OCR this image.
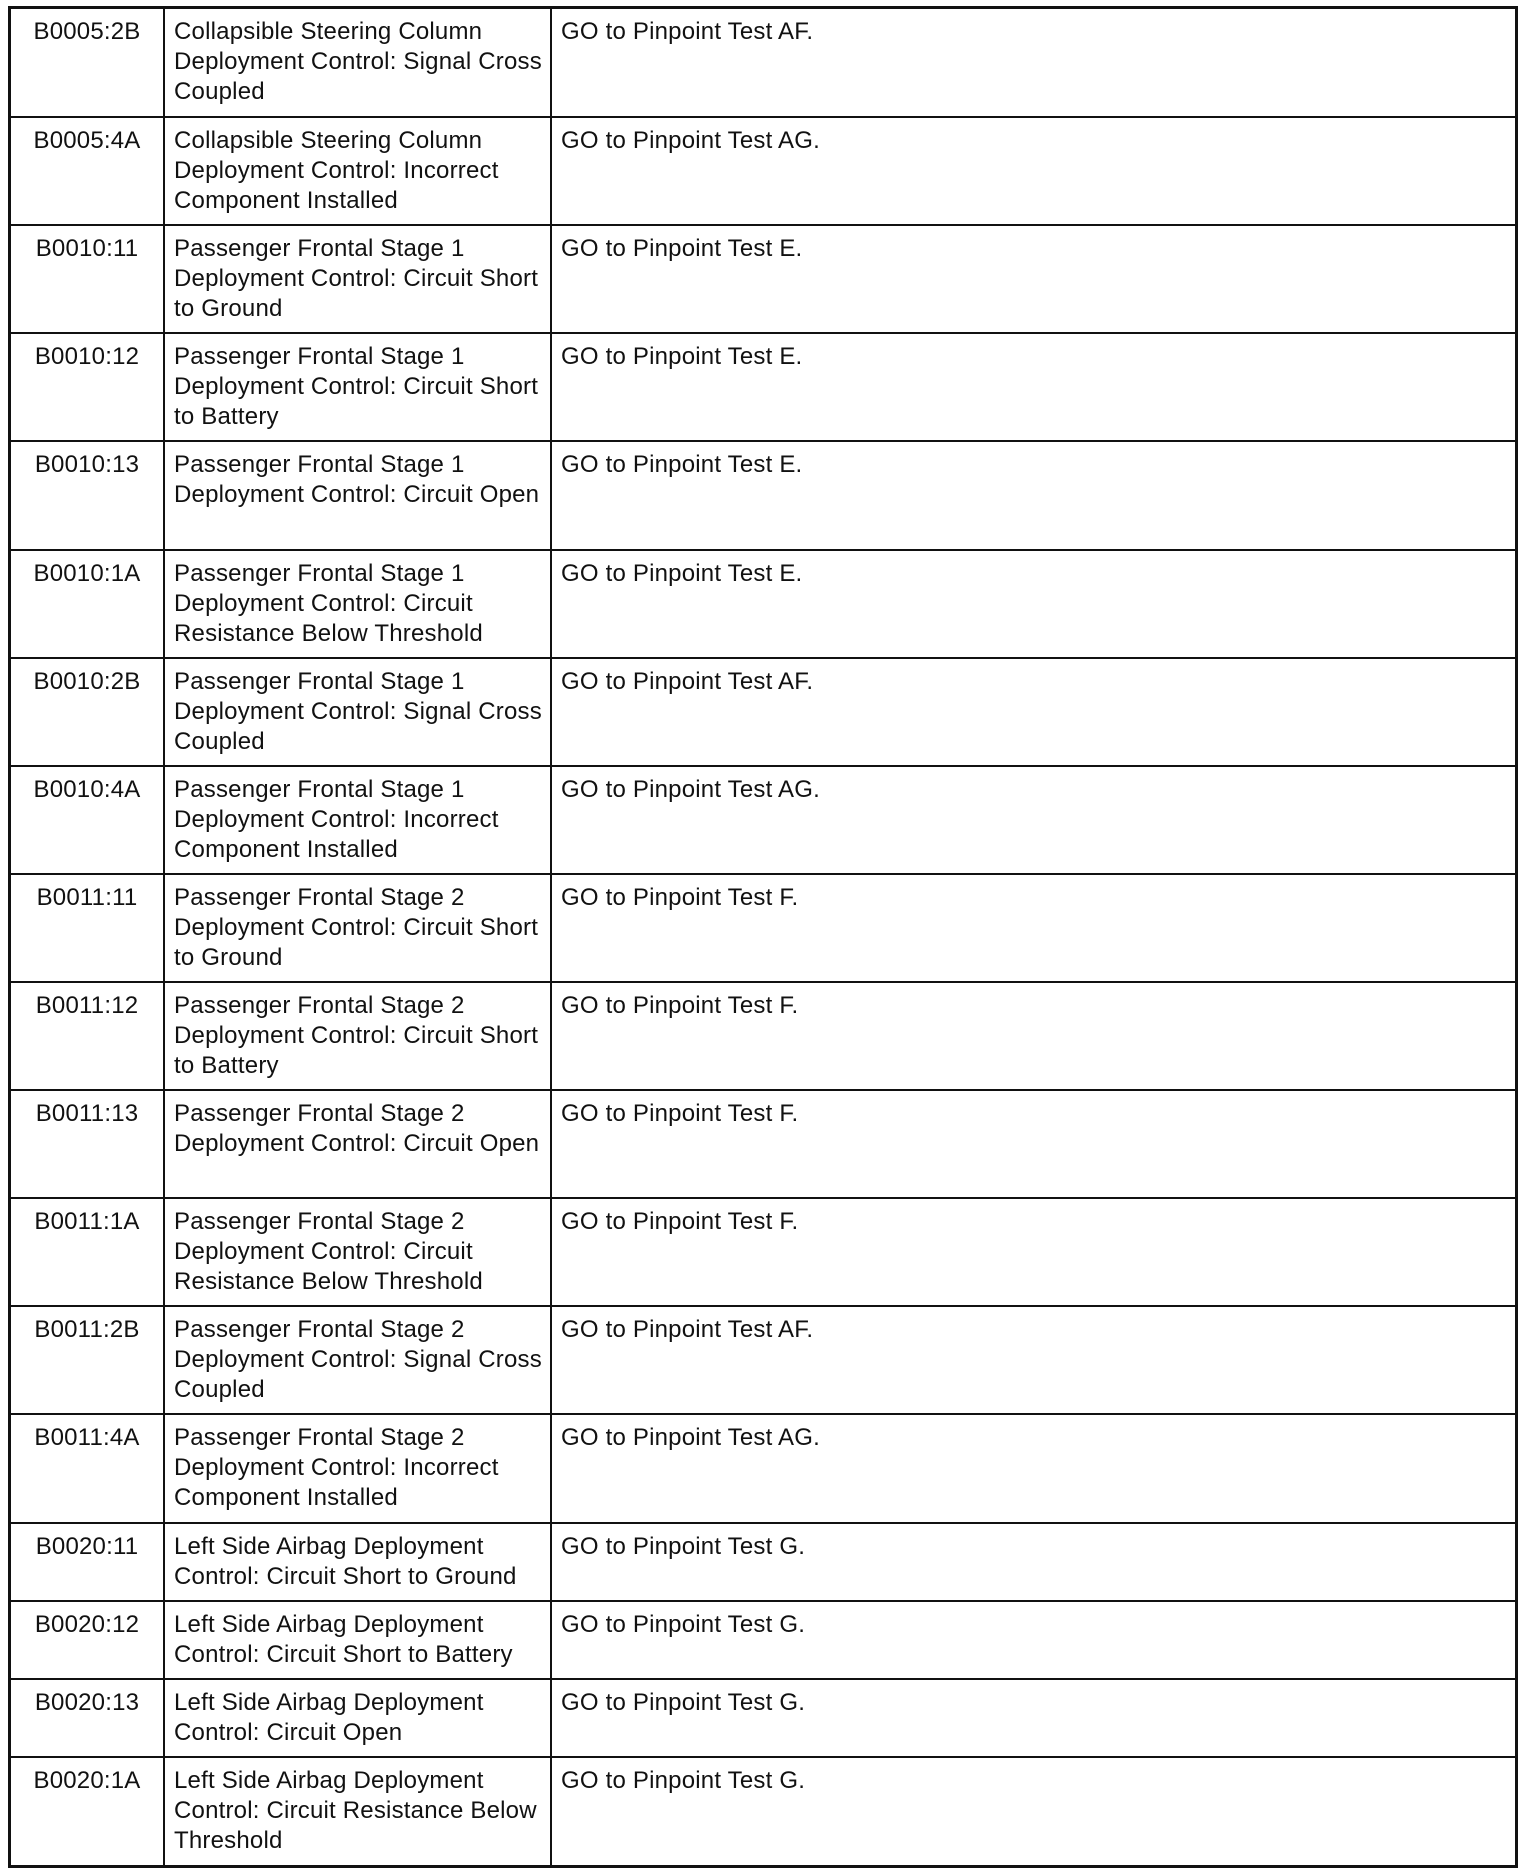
B0005:2B	Collapsible Steering Column Deployment Control: Signal Cross Coupled	GO to Pinpoint Test AF.
B0005:4A	Collapsible Steering Column Deployment Control: Incorrect Component Installed	GO to Pinpoint Test AG.
B0010:11	Passenger Frontal Stage 1 Deployment Control: Circuit Short to Ground	GO to Pinpoint Test E.
B0010:12	Passenger Frontal Stage 1 Deployment Control: Circuit Short to Battery	GO to Pinpoint Test E.
B0010:13	Passenger Frontal Stage 1 Deployment Control: Circuit Open	GO to Pinpoint Test E.
B0010:1A	Passenger Frontal Stage 1 Deployment Control: Circuit Resistance Below Threshold	GO to Pinpoint Test E.
B0010:2B	Passenger Frontal Stage 1 Deployment Control: Signal Cross Coupled	GO to Pinpoint Test AF.
B0010:4A	Passenger Frontal Stage 1 Deployment Control: Incorrect Component Installed	GO to Pinpoint Test AG.
B0011:11	Passenger Frontal Stage 2 Deployment Control: Circuit Short to Ground	GO to Pinpoint Test F.
B0011:12	Passenger Frontal Stage 2 Deployment Control: Circuit Short to Battery	GO to Pinpoint Test F.
B0011:13	Passenger Frontal Stage 2 Deployment Control: Circuit Open	GO to Pinpoint Test F.
B0011:1A	Passenger Frontal Stage 2 Deployment Control: Circuit Resistance Below Threshold	GO to Pinpoint Test F.
B0011:2B	Passenger Frontal Stage 2 Deployment Control: Signal Cross Coupled	GO to Pinpoint Test AF.
B0011:4A	Passenger Frontal Stage 2 Deployment Control: Incorrect Component Installed	GO to Pinpoint Test AG.
B0020:11	Left Side Airbag Deployment Control: Circuit Short to Ground	GO to Pinpoint Test G.
B0020:12	Left Side Airbag Deployment Control: Circuit Short to Battery	GO to Pinpoint Test G.
B0020:13	Left Side Airbag Deployment Control: Circuit Open	GO to Pinpoint Test G.
B0020:1A	Left Side Airbag Deployment Control: Circuit Resistance Below Threshold	GO to Pinpoint Test G.
